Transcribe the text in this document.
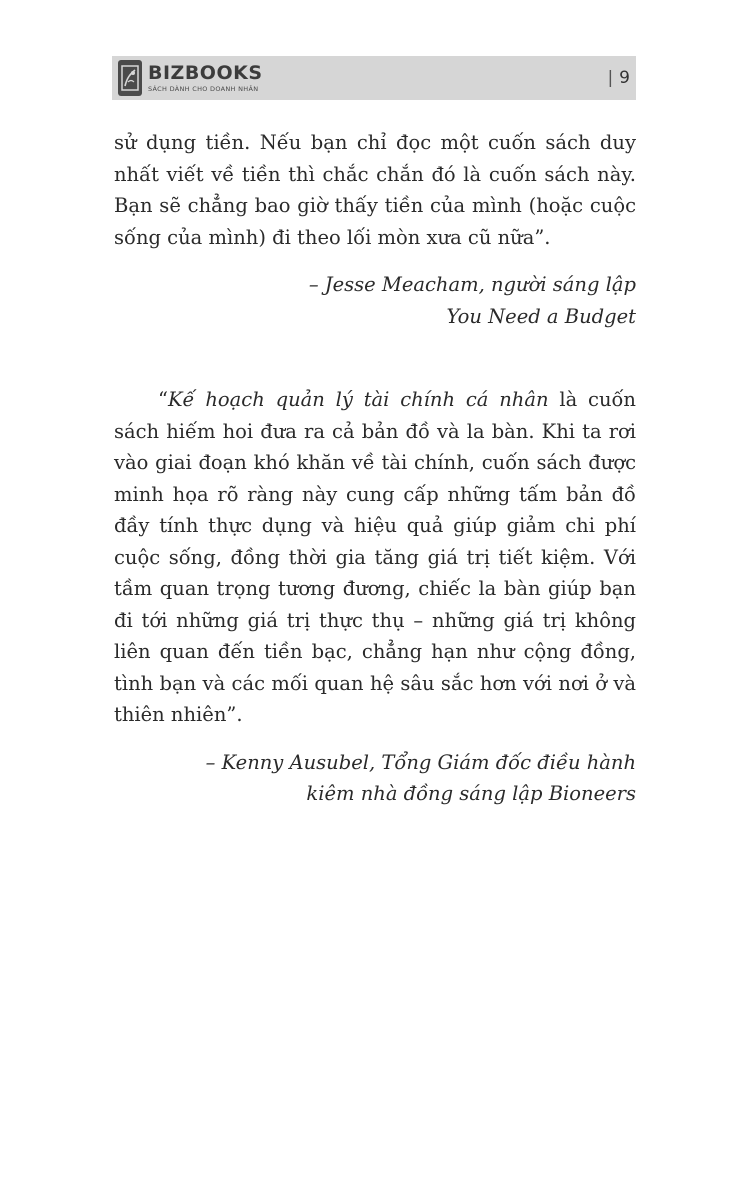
BIZBOOKS
SÁCH DÀNH CHO DOANH NHÂN
| 9

sử dụng tiền. Nếu bạn chỉ đọc một cuốn sách duy nhất viết về tiền thì chắc chắn đó là cuốn sách này. Bạn sẽ chẳng bao giờ thấy tiền của mình (hoặc cuộc sống của mình) đi theo lối mòn xưa cũ nữa”.

– Jesse Meacham, người sáng lập

You Need a Budget

“Kế hoạch quản lý tài chính cá nhân là cuốn sách hiếm hoi đưa ra cả bản đồ và la bàn. Khi ta rơi vào giai đoạn khó khăn về tài chính, cuốn sách được minh họa rõ ràng này cung cấp những tấm bản đồ đầy tính thực dụng và hiệu quả giúp giảm chi phí cuộc sống, đồng thời gia tăng giá trị tiết kiệm. Với tầm quan trọng tương đương, chiếc la bàn giúp bạn đi tới những giá trị thực thụ – những giá trị không liên quan đến tiền bạc, chẳng hạn như cộng đồng, tình bạn và các mối quan hệ sâu sắc hơn với nơi ở và thiên nhiên”.

– Kenny Ausubel, Tổng Giám đốc điều hành

kiêm nhà đồng sáng lập Bioneers
